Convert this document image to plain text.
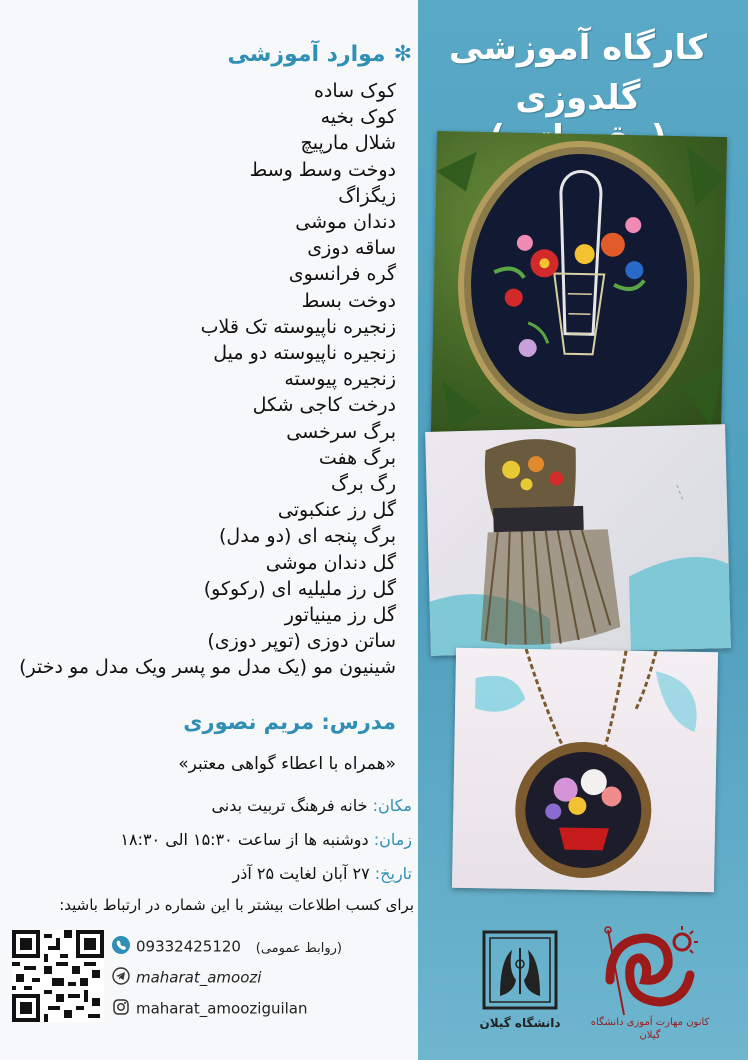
کارگاه آموزشی
گلدوزی
ـ ـ ـ
✻موارد آموزشی
کوک ساده
کوک بخیه
شلال مارپیچ
دوخت وسط وسط
زیگزاگ
دندان موشی
ساقه دوزی
گره فرانسوی
دوخت بسط
زنجیره ناپیوسته تک قلاب
زنجیره ناپیوسته دو میل
زنجیره پیوسته
درخت کاجی شکل
برگ سرخسی
برگ هفت
رگ برگ
گل رز عنکبوتی
برگ پنجه ای (دو مدل)
گل دندان موشی
گل رز ملیلیه ای (رکوکو)
گل رز مینیاتور
ساتن دوزی (توپر دوزی)
شینیون مو (یک مدل مو پسر ویک مدل مو دختر)
مدرس: مریم نصوری
«همراه با اعطاء گواهی معتبر»
مکان: خانه فرهنگ تربیت بدنی
زمان: دوشنبه ها از ساعت ۱۵:۳۰ الی ۱۸:۳۰
تاریخ: ۲۷ آبان لغایت ۲۵ آذر
برای کسب اطلاعات بیشتر با این شماره در ارتباط باشید:
09332425120 (روابط عمومی)
maharat_amoozi
maharat_amooziguilan
دانشگاه گیلان	کانون مهارت آموزی دانشگاه گیلان
